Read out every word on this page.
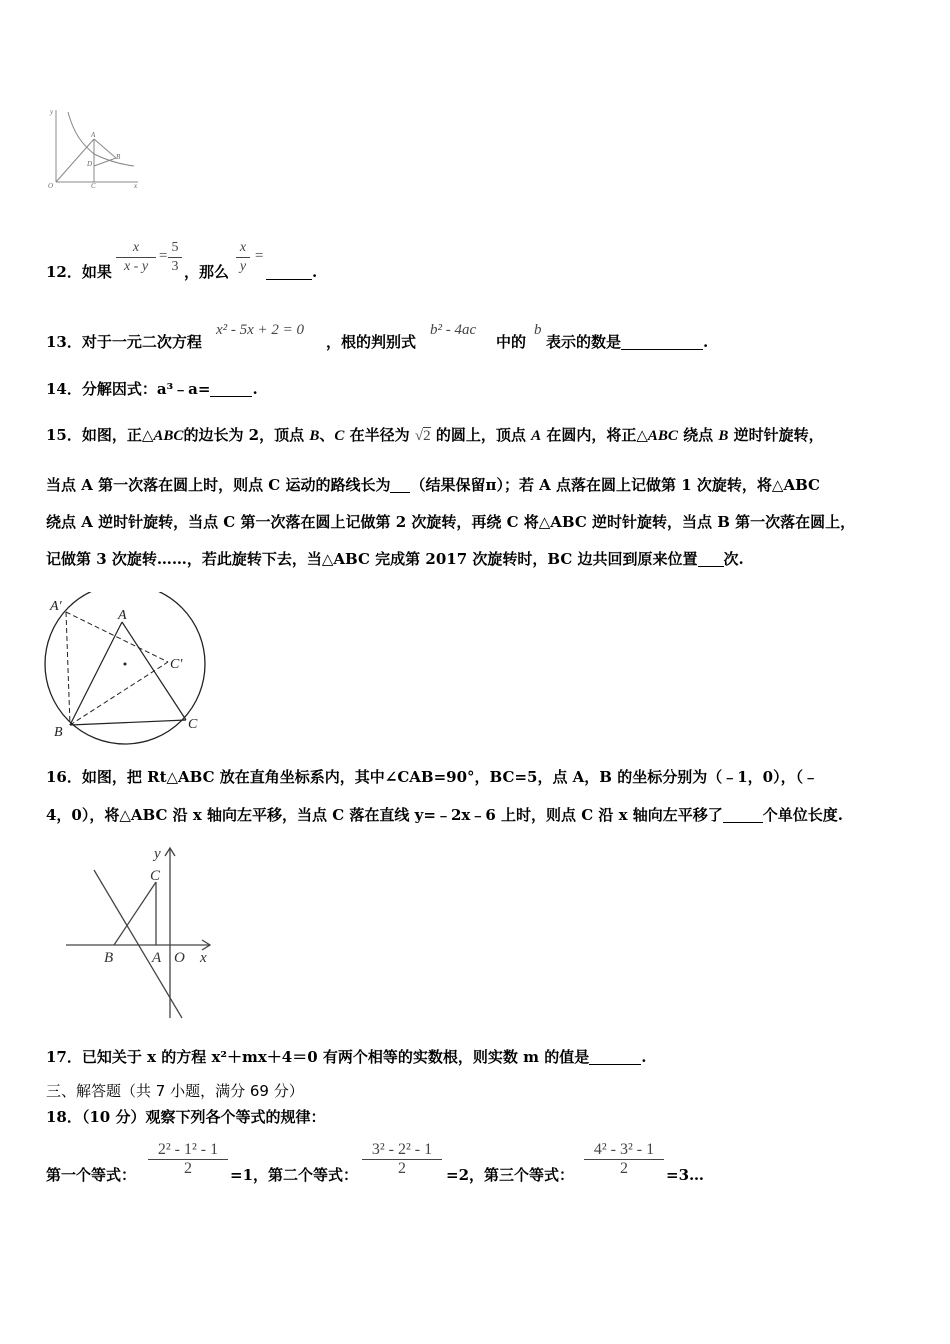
y
A
D
B
O	C	x
12．如果
x
x - y
=
5
3 ，那么
x
y
=
.
13．对于一元二次方程
x² - 5x + 2 = 0
，根的判别式
b² - 4ac
中的
b
表示的数是	.
14．分解因式：a³﹣a=	.
15．如图，正△ABC的边长为 2，顶点 B、C 在半径为 √2 的圆上，顶点 A 在圆内，将正△ABC 绕点 B 逆时针旋转，
当点 A 第一次落在圆上时，则点 C 运动的路线长为 （结果保留π）；若 A 点落在圆上记做第 1 次旋转，将△ABC
绕点 A 逆时针旋转，当点 C 第一次落在圆上记做第 2 次旋转，再绕 C 将△ABC 逆时针旋转，当点 B 第一次落在圆上，
记做第 3 次旋转……，若此旋转下去，当△ABC 完成第 2017 次旋转时，BC 边共回到原来位置 次.
A′
A
C′
B
C
16．如图，把 Rt△ABC 放在直角坐标系内，其中∠CAB=90°，BC=5，点 A，B 的坐标分别为（﹣1，0），（﹣
4，0），将△ABC 沿 x 轴向左平移，当点 C 落在直线 y=﹣2x﹣6 上时，则点 C 沿 x 轴向左平移了	个单位长度.
y
C
B	A O x
17．已知关于 x 的方程 x²＋mx＋4＝0 有两个相等的实数根，则实数 m 的值是	.
三、解答题（共 7 小题，满分 69 分）
18．（10 分）观察下列各个等式的规律：
第一个等式：
2² - 1² - 1
2	=1，第二个等式：
3² - 2² - 1
2	=2，第三个等式：
4² - 3² - 1
2	=3…
